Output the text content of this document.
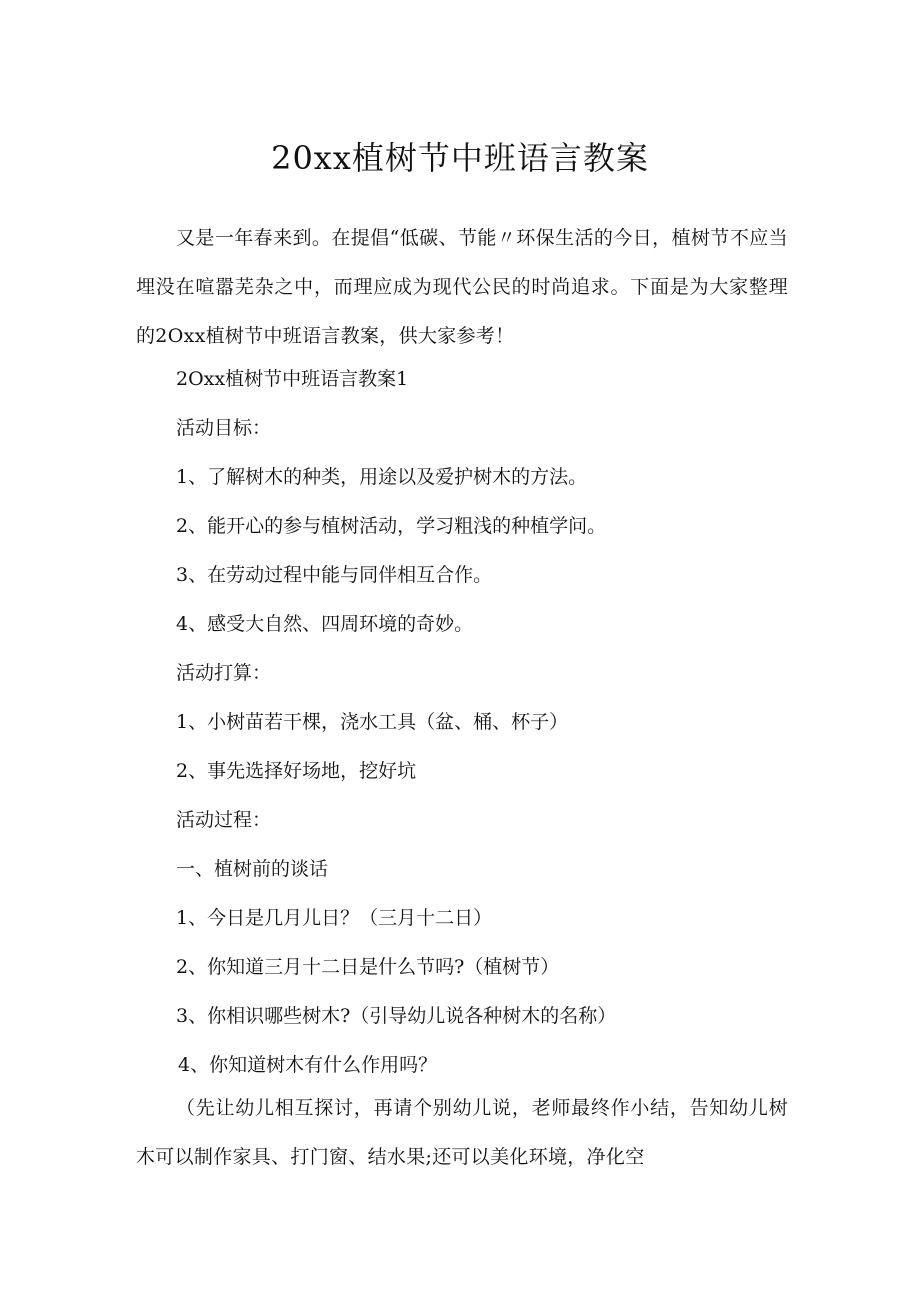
20xx植树节中班语言教案

又是一年春来到。在提倡“低碳、节能〃环保生活的今日，植树节不应当埋没在喧嚣芜杂之中，而理应成为现代公民的时尚追求。下面是为大家整理的2Oxx植树节中班语言教案，供大家参考！

2Oxx植树节中班语言教案1

活动目标：

1、了解树木的种类，用途以及爱护树木的方法。

2、能开心的参与植树活动，学习粗浅的种植学问。

3、在劳动过程中能与同伴相互合作。

4、感受大自然、四周环境的奇妙。

活动打算：

1、小树苗若干棵，浇水工具（盆、桶、杯子）

2、事先选择好场地，挖好坑

活动过程：

一、植树前的谈话

1、今日是几月儿日？（三月十二日）

2、你知道三月十二日是什么节吗?（植树节）

3、你相识哪些树木?（引导幼儿说各种树木的名称）

4、你知道树木有什么作用吗？

（先让幼儿相互探讨，再请个别幼儿说，老师最终作小结，告知幼儿树木可以制作家具、打门窗、结水果;还可以美化环境，净化空
